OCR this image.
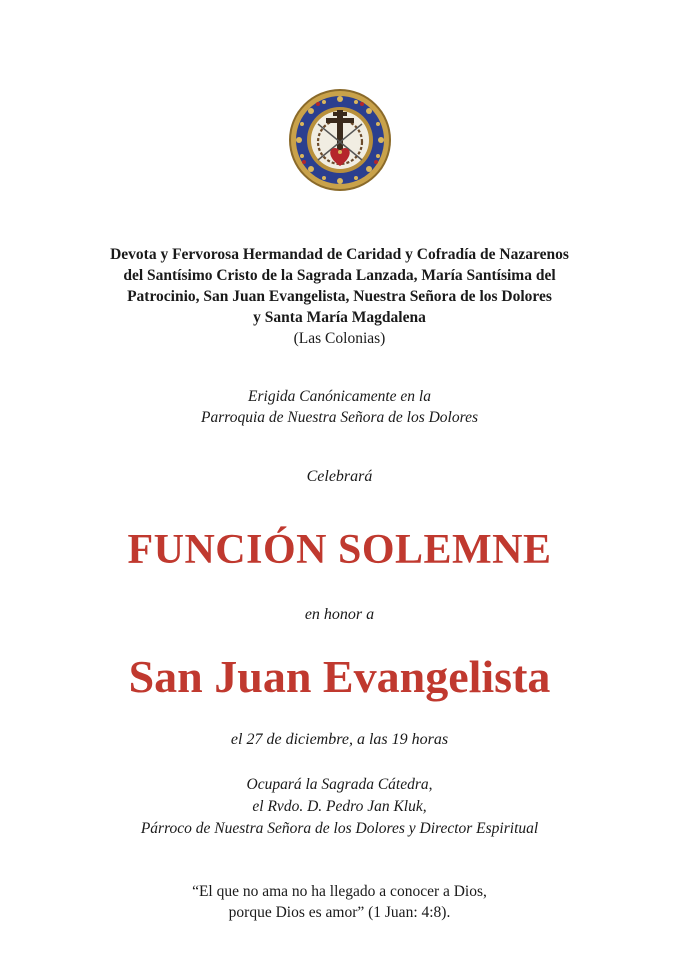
Devota y Fervorosa Hermandad de Caridad y Cofradía de Nazarenos
del Santísimo Cristo de la Sagrada Lanzada, María Santísima del
Patrocinio, San Juan Evangelista, Nuestra Señora de los Dolores
y Santa María Magdalena
(Las Colonias)
Erigida Canónicamente en la
Parroquia de Nuestra Señora de los Dolores
Celebrará
FUNCIÓN SOLEMNE
en honor a
San Juan Evangelista
el 27 de diciembre, a las 19 horas
Ocupará la Sagrada Cátedra,
el Rvdo. D. Pedro Jan Kluk,
Párroco de Nuestra Señora de los Dolores y Director Espiritual
“El que no ama no ha llegado a conocer a Dios,
porque Dios es amor” (1 Juan: 4:8).
